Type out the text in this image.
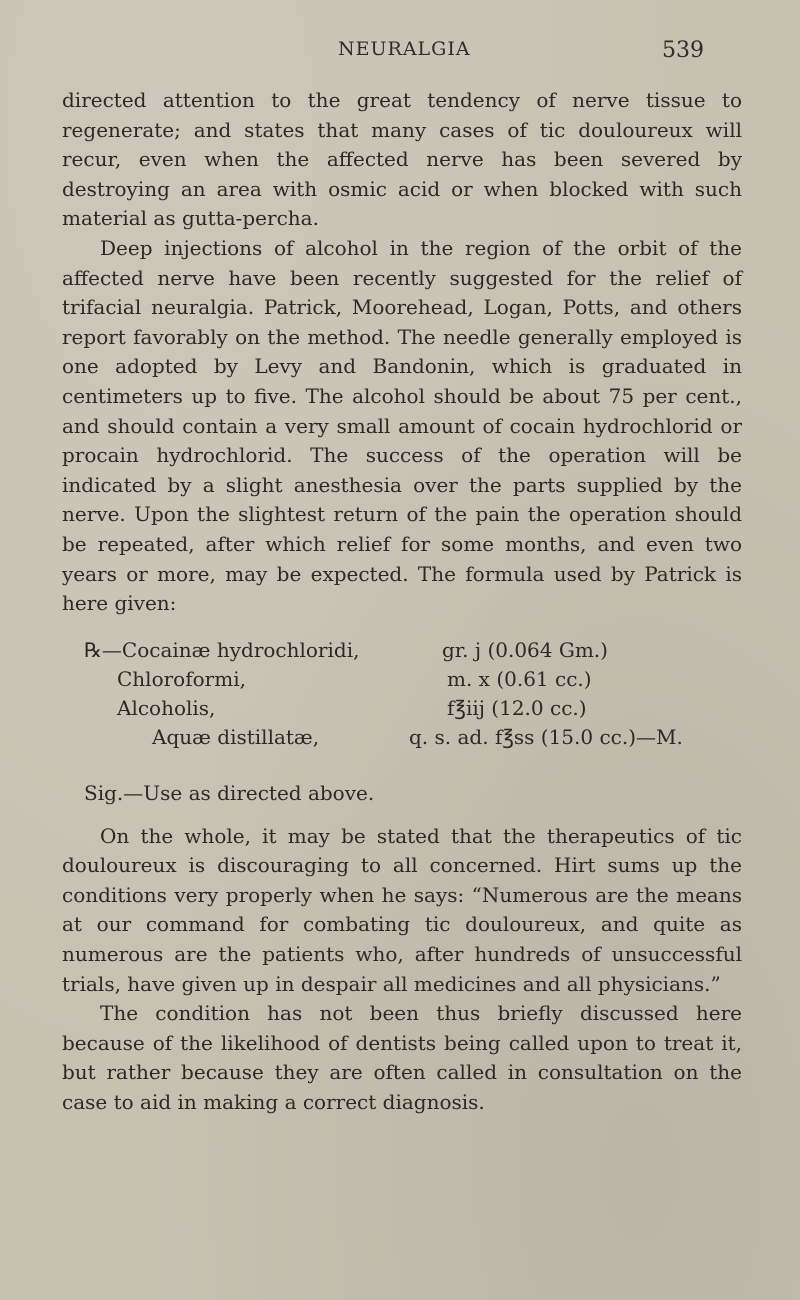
NEURALGIA	539

directed attention to the great tendency of nerve tissue to regenerate; and states that many cases of tic douloureux will recur, even when the affected nerve has been severed by destroying an area with osmic acid or when blocked with such material as gutta-percha.

Deep injections of alcohol in the region of the orbit of the affected nerve have been recently suggested for the relief of trifacial neuralgia. Patrick, Moorehead, Logan, Potts, and others report favorably on the method. The needle generally employed is one adopted by Levy and Bandonin, which is graduated in centimeters up to five. The alcohol should be about 75 per cent., and should contain a very small amount of cocain hydrochlorid or procain hydrochlorid. The success of the operation will be indicated by a slight anesthesia over the parts supplied by the nerve. Upon the slightest return of the pain the operation should be repeated, after which relief for some months, and even two years or more, may be expected. The formula used by Patrick is here given:

℞—Cocainæ hydrochloridi,	gr. j (0.064 Gm.)
Chloroformi,	m. x (0.61 cc.)
Alcoholis,	f℥iij (12.0 cc.)
Aquæ distillatæ,	q. s. ad. f℥ss (15.0 cc.)—M.
Sig.—Use as directed above.

On the whole, it may be stated that the therapeutics of tic douloureux is discouraging to all concerned. Hirt sums up the conditions very properly when he says: “Numerous are the means at our command for combating tic douloureux, and quite as numerous are the patients who, after hundreds of unsuccessful trials, have given up in despair all medicines and all physicians.”

The condition has not been thus briefly discussed here because of the likelihood of dentists being called upon to treat it, but rather because they are often called in consultation on the case to aid in making a correct diagnosis.
